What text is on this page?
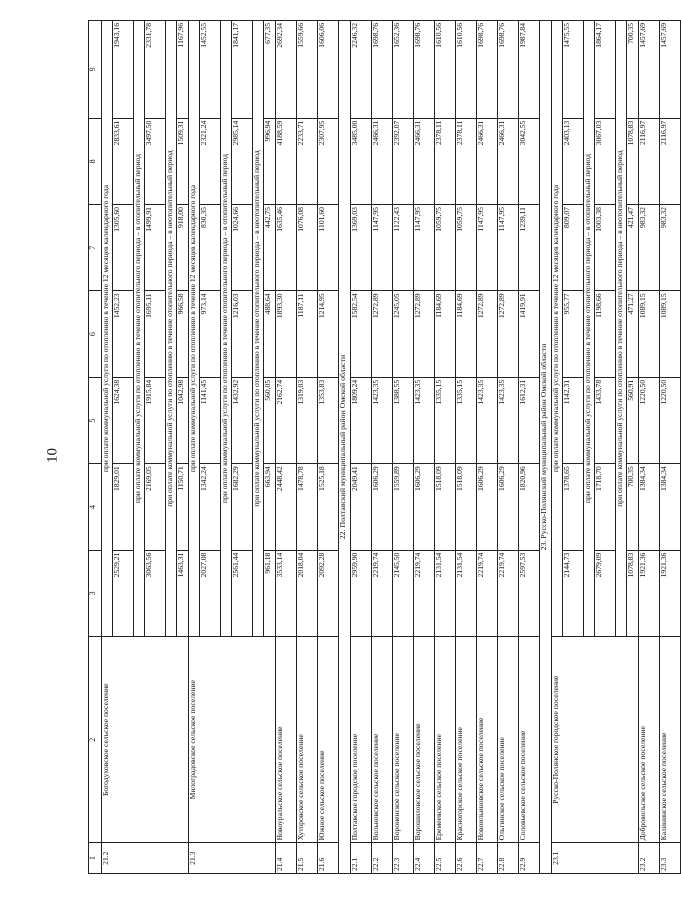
10
1	2	3	4	5	6	7	8	9
21.2	Богодуховское сельское поселение	при оплате коммунальной услуги по отоплению в течение 12 месяцев календарного года						
		2529,21	1829,01	1624,38	1452,23	1305,60	2833,61	1943,16
		при оплате коммунальной услуги по отоплению в течение отопительного периода – в отопительный период						
		3063,56	2169,05	1915,84	1695,11	1499,91	3497,50	2331,78
		при оплате коммунальной услуги по отоплению в течение отопительного периода – в неотопительный период						
		1463,31	1150,71	1042,98	966,58	918,00	1509,31	1167,96
21.3	Милоградовское сельское поселение	при оплате коммунальной услуги по отоплению в течение 12 месяцев календарного года						
		2027,08	1342,24	1141,45	973,14	830,35	2321,24	1452,55
		при оплате коммунальной услуги по отоплению в течение отопительного периода – в отопительный период						
		2561,44	1682,29	1432,92	1216,03	1024,66	2985,14	1841,17
		при оплате коммунальной услуги по отоплению в течение отопительного периода – в неотопительный период						
		961,18	663,94	560,05	488,64	442,75	996,94	677,35
21.4	Новоуральское сельское поселение	3533,14	2448,42	2162,74	1893,30	1635,46	4188,59	2692,34
21.5	Хуторовское сельское поселение	2018,04	1478,78	1319,03	1187,11	1076,08	2233,71	1559,66
21.6	Южное сельское поселение	2092,28	1525,18	1353,83	1214,95	1101,60	2307,95	1606,06
22. Полтавский муниципальный район Омской области								
22.1	Полтавское городское поселение	2959,90	2049,41	1809,24	1582,54	1369,03	3485,00	2246,32
22.2	Вольновское сельское поселение	2219,74	1606,29	1423,35	1272,89	1147,95	2466,31	1698,76
22.3	Вороненское сельское поселение	2145,50	1559,89	1388,55	1245,05	1122,43	2392,07	1652,36
22.4	Ворошиловское сельское поселение	2219,74	1606,29	1423,35	1272,89	1147,95	2466,31	1698,76
22.5	Еремеевское сельское поселение	2131,54	1518,09	1335,15	1184,69	1059,75	2378,11	1610,56
22.6	Красногорское сельское поселение	2131,54	1518,09	1335,15	1184,69	1059,75	2378,11	1610,56
22.7	Новоильиновское сельское поселение	2219,74	1606,29	1423,35	1272,89	1147,95	2466,31	1698,76
22.8	Ольгинское сельское поселение	2219,74	1606,29	1423,35	1272,89	1147,95	2466,31	1698,76
22.9	Соловьевское сельское поселение	2597,53	1820,96	1612,31	1419,91	1239,11	3042,55	1987,84
23. Русско-Полянский муниципальный район Омской области								
23.1	Русско-Полянское городское поселение	при оплате коммунальной услуги по отоплению в течение 12 месяцев календарного года						
		2144,73	1378,65	1142,31	955,77	809,07	2403,13	1475,55
		при оплате коммунальной услуги по отоплению в течение отопительного периода – в отопительный период						
		2679,09	1718,70	1433,78	1198,66	1003,38	3067,03	1864,17
		при оплате коммунальной услуги по отоплению в течение отопительного периода – в неотопительный период						
		1078,83	700,35	560,91	471,27	421,47	1078,83	700,35
23.2	Добровольское сельское поселение	1921,36	1384,34	1220,50	1089,15	983,32	2116,97	1457,69
23.3	Калининское сельское поселение	1921,36	1384,34	1220,50	1089,15	983,32	2116,97	1457,69
